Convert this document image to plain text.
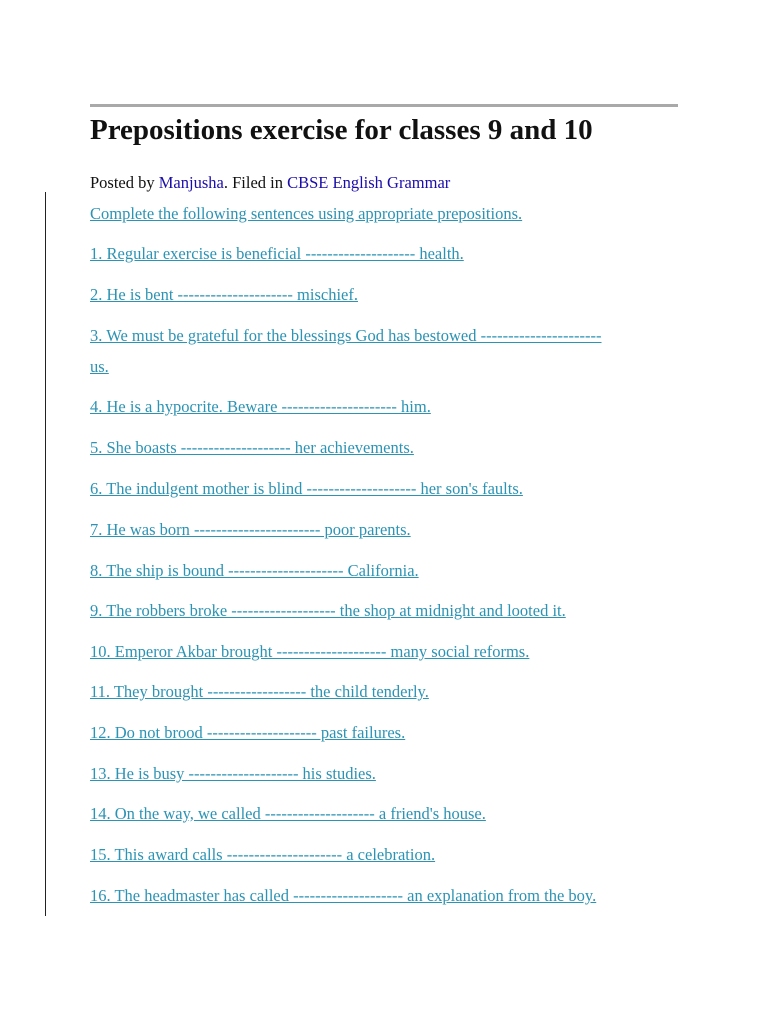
Prepositions exercise for classes 9 and 10
Posted by Manjusha. Filed in CBSE English Grammar
Complete the following sentences using appropriate prepositions.
1. Regular exercise is beneficial -------------------- health.
2. He is bent --------------------- mischief.
3. We must be grateful for the blessings God has bestowed ----------------------
us.
4. He is a hypocrite. Beware --------------------- him.
5. She boasts -------------------- her achievements.
6. The indulgent mother is blind -------------------- her son's faults.
7. He was born ----------------------- poor parents.
8. The ship is bound --------------------- California.
9. The robbers broke ------------------- the shop at midnight and looted it.
10. Emperor Akbar brought -------------------- many social reforms.
11. They brought ------------------ the child tenderly.
12. Do not brood -------------------- past failures.
13. He is busy -------------------- his studies.
14. On the way, we called -------------------- a friend's house.
15. This award calls --------------------- a celebration.
16. The headmaster has called -------------------- an explanation from the boy.
